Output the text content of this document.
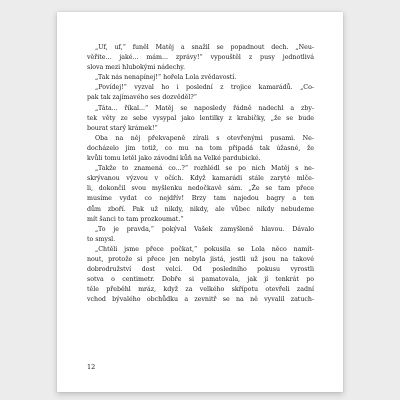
„Uf, uf,“ funěl Matěj a snažil se popadnout dech. „Neu-
věřite... jaké... mám... zprávy!“ vypouštěl z pusy jednotlivá
slova mezi hlubokými nádechy.
„Tak nás nenapínej!“ hořela Lola zvědavostí.
„Povídej!“ vyzval ho i poslední z trojice kamarádů. „Co-
pak tak zajímavého ses dozvěděl?“
„Táta... říkal...“ Matěj se naposledy řádně nadechl a zby-
tek věty ze sebe vysypal jako lentilky z krabičky, „že se bude
bourat starý krámek!“
Oba na něj překvapeně zírali s otevřenými pusami. Ne-
docházelo jim totiž, co mu na tom připadá tak úžasné, že
kvůli tomu letěl jako závodní kůň na Velké pardubické.
„Takže to znamená co...?“ rozhlédl se po nich Matěj s ne-
skrývanou výzvou v očích. Když kamarádi stále zaryté mlče-
li, dokončil svou myšlenku nedočkavě sám. „Že se tam přece
musíme vydat co nejdřív! Brzy tam najedou bagry a ten
dům zboří. Pak už nikdy, nikdy, ale vůbec nikdy nebudeme
mít šanci to tam prozkoumat.“
„To je pravda,“ pokýval Vašek zamyšleně hlavou. Dávalo
to smysl.
„Chtěli jsme přece počkat,“ pokusila se Lola něco namít-
nout, protože si přece jen nebyla jistá, jestli už jsou na takové
dobrodružství dost velcí. Od posledního pokusu vyrostli
sotva o centimetr. Dobře si pamatovala, jak jí tenkrát po
těle přeběhl mráz, když za velkého skřípotu otevřeli zadní
vchod bývalého obchůdku a zevnitř se na ně vyvalil zatuch-
12
